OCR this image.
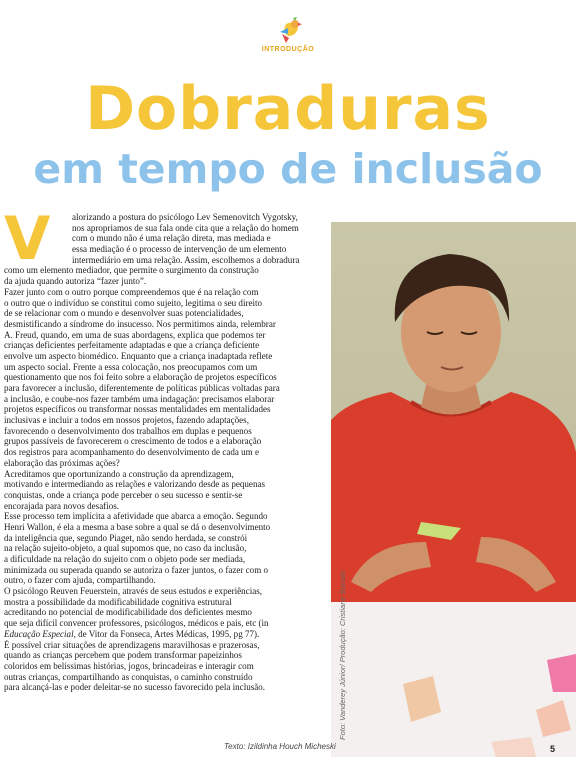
INTRODUÇÃO
Dobraduras
em tempo de inclusão
Foto: Vanderey Júnior/ Produção: Cristiane Bonato
V	alorizando a postura do psicólogo Lev Semenovitch Vygotsky,
nos apropriamos de sua fala onde cita que a relação do homem
com o mundo não é uma relação direta, mas mediada e
essa mediação é o processo de intervenção de um elemento
intermediário em uma relação. Assim, escolhemos a dobradura
como um elemento mediador, que permite o surgimento da construção
da ajuda quando autoriza “fazer junto”.
Fazer junto com o outro porque compreendemos que é na relação com
o outro que o indivíduo se constitui como sujeito, legitima o seu direito
de se relacionar com o mundo e desenvolver suas potencialidades,
desmistificando a síndrome do insucesso. Nos permitimos ainda, relembrar
A. Freud, quando, em uma de suas abordagens, explica que podemos ter
crianças deficientes perfeitamente adaptadas e que a criança deficiente
envolve um aspecto biomédico. Enquanto que a criança inadaptada reflete
um aspecto social. Frente a essa colocação, nos preocupamos com um
questionamento que nos foi feito sobre a elaboração de projetos específicos
para favorecer a inclusão, diferentemente de políticas públicas voltadas para
a inclusão, e coube-nos fazer também uma indagação: precisamos elaborar
projetos específicos ou transformar nossas mentalidades em mentalidades
inclusivas e incluir a todos em nossos projetos, fazendo adaptações,
favorecendo o desenvolvimento dos trabalhos em duplas e pequenos
grupos passíveis de favorecerem o crescimento de todos e a elaboração
dos registros para acompanhamento do desenvolvimento de cada um e
elaboração das próximas ações?
Acreditamos que oportunizando a construção da aprendizagem,
motivando e intermediando as relações e valorizando desde as pequenas
conquistas, onde a criança pode perceber o seu sucesso e sentir-se
encorajada para novos desafios.
Esse processo tem implícita a afetividade que abarca a emoção. Segundo
Henri Wallon, é ela a mesma a base sobre a qual se dá o desenvolvimento
da inteligência que, segundo Piaget, não sendo herdada, se constrói
na relação sujeito-objeto, a qual supomos que, no caso da inclusão,
a dificuldade na relação do sujeito com o objeto pode ser mediada,
minimizada ou superada quando se autoriza o fazer juntos, o fazer com o
outro, o fazer com ajuda, compartilhando.
O psicólogo Reuven Feuerstein, através de seus estudos e experiências,
mostra a possibilidade da modificabilidade cognitiva estrutural
acreditando no potencial de modificabilidade dos deficientes mesmo
que seja difícil convencer professores, psicólogos, médicos e pais, etc (in
Educação Especial, de Vitor da Fonseca, Artes Médicas, 1995, pg 77).
É possível criar situações de aprendizagens maravilhosas e prazerosas,
quando as crianças percebem que podem transformar papeizinhos
coloridos em belíssimas histórias, jogos, brincadeiras e interagir com
outras crianças, compartilhando as conquistas, o caminho construído
para alcançá-las e poder deleitar-se no sucesso favorecido pela inclusão.
Texto: Izildinha Houch Micheski	5
